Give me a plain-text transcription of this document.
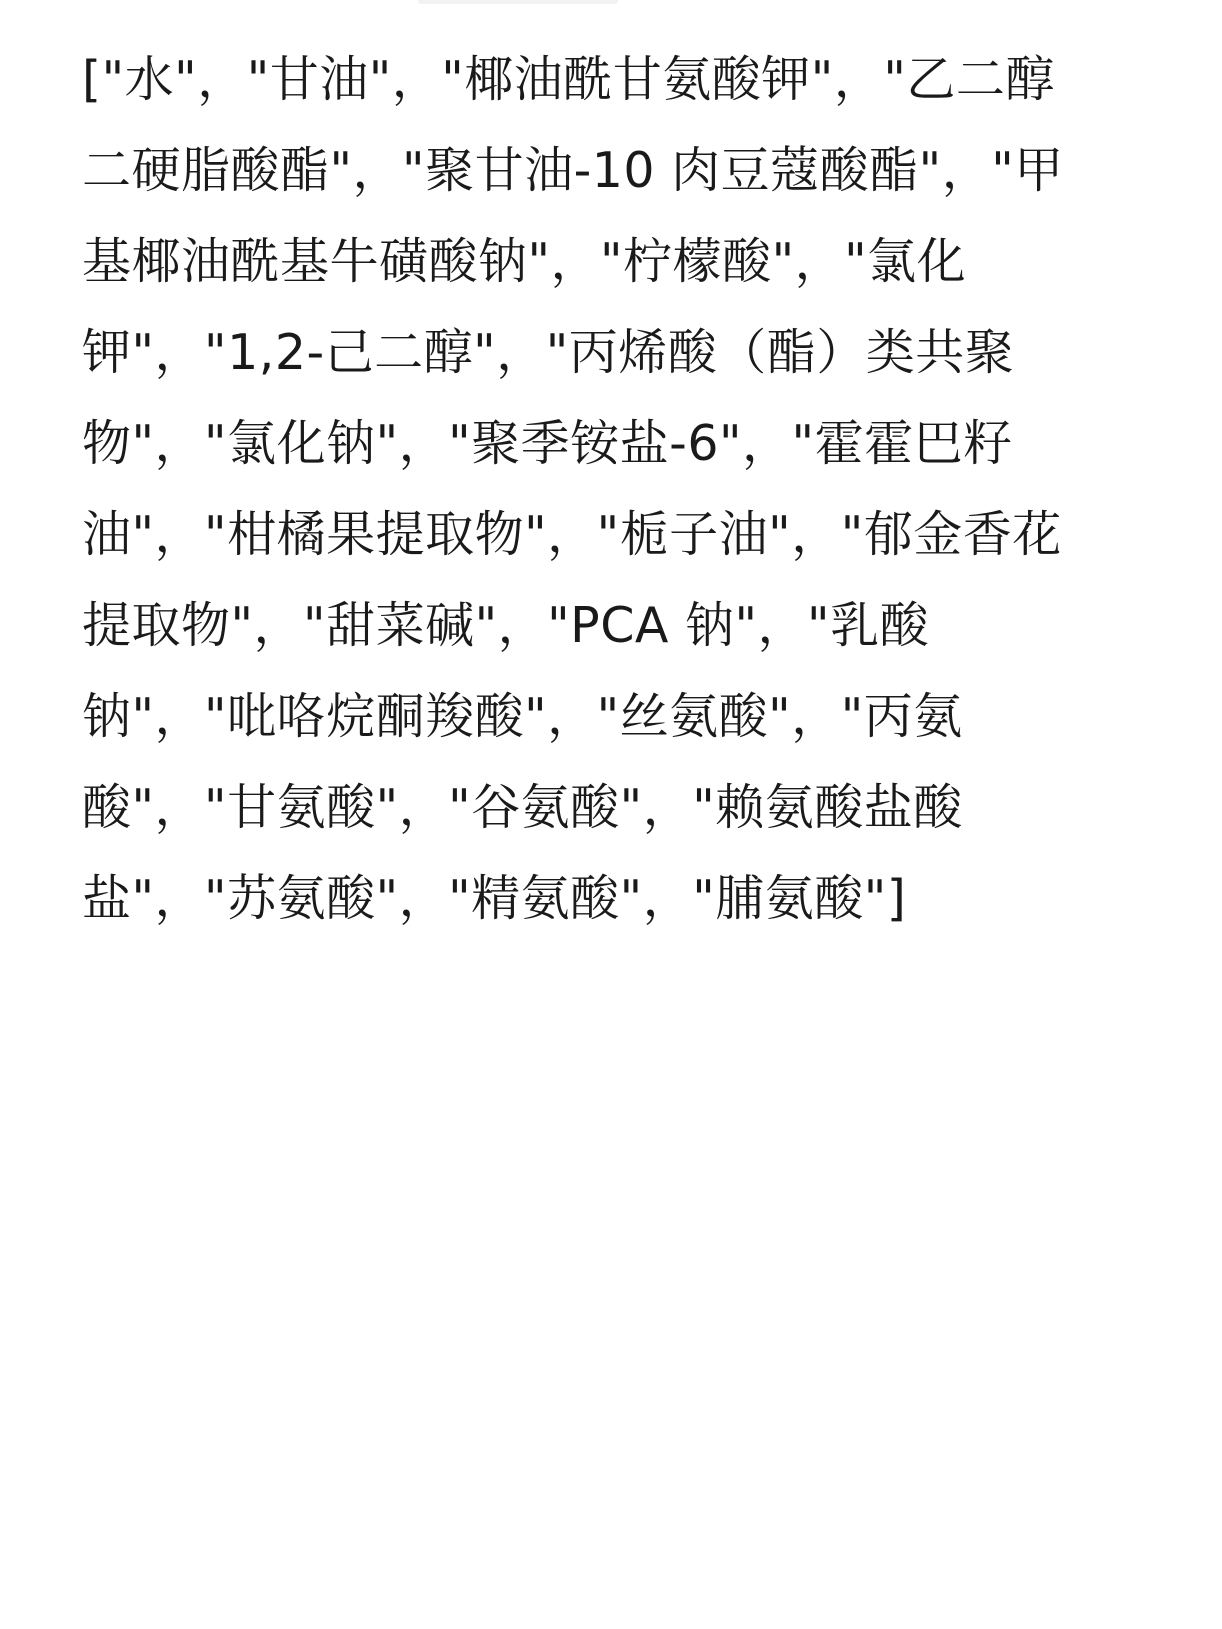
["水"，"甘油"，"椰油酰甘氨酸钾"，"乙二醇
二硬脂酸酯"，"聚甘油-10 肉豆蔻酸酯"，"甲
基椰油酰基牛磺酸钠"，"柠檬酸"，"氯化
钾"，"1,2-己二醇"，"丙烯酸（酯）类共聚
物"，"氯化钠"，"聚季铵盐-6"，"霍霍巴籽
油"，"柑橘果提取物"，"栀子油"，"郁金香花
提取物"，"甜菜碱"，"PCA 钠"，"乳酸
钠"，"吡咯烷酮羧酸"，"丝氨酸"，"丙氨
酸"，"甘氨酸"，"谷氨酸"，"赖氨酸盐酸
盐"，"苏氨酸"，"精氨酸"，"脯氨酸"]
